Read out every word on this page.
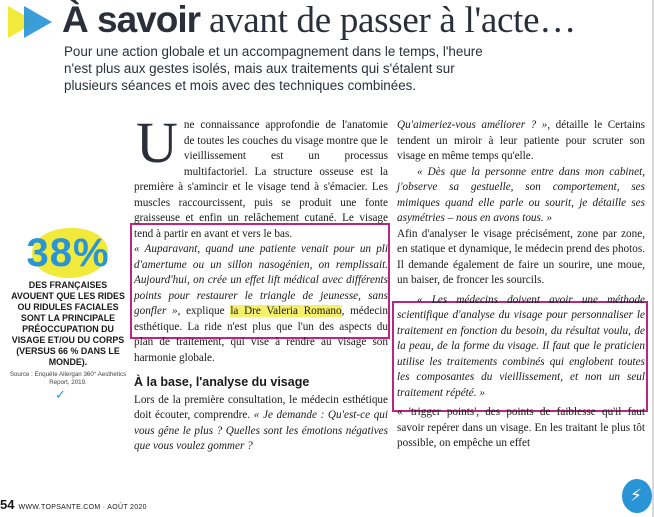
À savoir avant de passer à l'acte…
Pour une action globale et un accompagnement dans le temps, l'heure n'est plus aux gestes isolés, mais aux traitements qui s'étalent sur plusieurs séances et mois avec des techniques combinées.
38%
DES FRANÇAISES AVOUENT QUE LES RIDES OU RIDULES FACIALES SONT LA PRINCIPALE PRÉOCCUPATION DU VISAGE ET/OU DU CORPS (VERSUS 66 % DANS LE MONDE).
Source : Enquête Allergan 360° Aesthetics Report, 2019.
✓

Une connaissance approfondie de l'anatomie de toutes les couches du visage montre que le vieillissement est un processus multifactoriel. La structure osseuse est la première à s'amincir et le visage tend à s'émacier. Les muscles raccourcissent, puis se produit une fonte graisseuse et enfin un relâchement cutané. Le visage tend à partir en avant et vers le bas.

« Auparavant, quand une patiente venait pour un pli d'amertume ou un sillon nasogénien, on remplissait. Aujourd'hui, on crée un effet lift médical avec différents points pour restaurer le triangle de jeunesse, sans gonfler », explique la Dre Valeria Romano, médecin esthétique. La ride n'est plus que l'un des aspects du plan de traitement, qui vise à rendre au visage son harmonie globale.

À la base, l'analyse du visage

Lors de la première consultation, le médecin esthétique doit écouter, comprendre. « Je demande : Qu'est-ce qui vous gêne le plus ? Quelles sont les émotions négatives que vous voulez gommer ?

Qu'aimeriez-vous améliorer ? », détaille le Certains tendent un miroir à leur patiente pour scruter son visage en même temps qu'elle.

« Dès que la personne entre dans mon cabinet, j'observe sa gestuelle, son comportement, ses mimiques quand elle parle ou sourit, je détaille ses asymétries – nous en avons tous. »

Afin d'analyser le visage précisément, zone par zone, en statique et dynamique, le médecin prend des photos. Il demande également de faire un sourire, une moue, un baiser, de froncer les sourcils.

« Les médecins doivent avoir une méthode scientifique d'analyse du visage pour personnaliser le traitement en fonction du besoin, du résultat voulu, de la peau, de la forme du visage. Il faut que le praticien utilise les traitements combinés qui englobent toutes les composantes du vieillissement, et non un seul traitement répété. »

« 'trigger points', des points de faiblesse qu'il faut savoir repérer dans un visage. En les traitant le plus tôt possible, on empêche un effet

54 WWW.TOPSANTE.COM · AOÛT 2020
⚡
